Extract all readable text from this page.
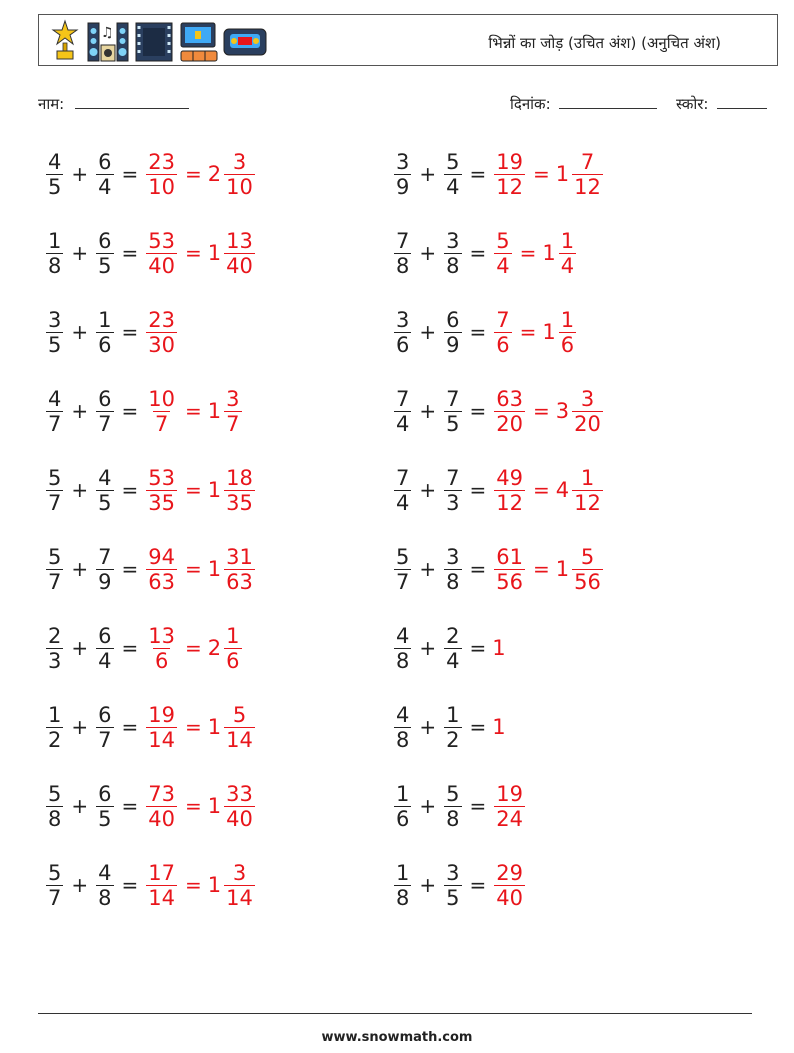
♫
भिन्नों का जोड़ (उचित अंश) (अनुचित अंश)
नाम:	दिनांक:	स्कोर:
$\frac{4}{5} + \frac{6}{4} = \frac{23}{10} = 2 \frac{3}{10}$	$\frac{3}{9} + \frac{5}{4} = \frac{19}{12} = 1 \frac{7}{12}$
$\frac{1}{8} + \frac{6}{5} = \frac{53}{40} = 1 \frac{13}{40}$	$\frac{7}{8} + \frac{3}{8} = \frac{5}{4} = 1 \frac{1}{4}$
$\frac{3}{5} + \frac{1}{6} = \frac{23}{30}$	$\frac{3}{6} + \frac{6}{9} = \frac{7}{6} = 1 \frac{1}{6}$
$\frac{4}{7} + \frac{6}{7} = \frac{10}{7} = 1 \frac{3}{7}$	$\frac{7}{4} + \frac{7}{5} = \frac{63}{20} = 3 \frac{3}{20}$
$\frac{5}{7} + \frac{4}{5} = \frac{53}{35} = 1 \frac{18}{35}$	$\frac{7}{4} + \frac{7}{3} = \frac{49}{12} = 4 \frac{1}{12}$
$\frac{5}{7} + \frac{7}{9} = \frac{94}{63} = 1 \frac{31}{63}$	$\frac{5}{7} + \frac{3}{8} = \frac{61}{56} = 1 \frac{5}{56}$
$\frac{2}{3} + \frac{6}{4} = \frac{13}{6} = 2 \frac{1}{6}$	$\frac{4}{8} + \frac{2}{4} = 1$
$\frac{1}{2} + \frac{6}{7} = \frac{19}{14} = 1 \frac{5}{14}$	$\frac{4}{8} + \frac{1}{2} = 1$
$\frac{5}{8} + \frac{6}{5} = \frac{73}{40} = 1 \frac{33}{40}$	$\frac{1}{6} + \frac{5}{8} = \frac{19}{24}$
$\frac{5}{7} + \frac{4}{8} = \frac{17}{14} = 1 \frac{3}{14}$	$\frac{1}{8} + \frac{3}{5} = \frac{29}{40}$
www.snowmath.com
